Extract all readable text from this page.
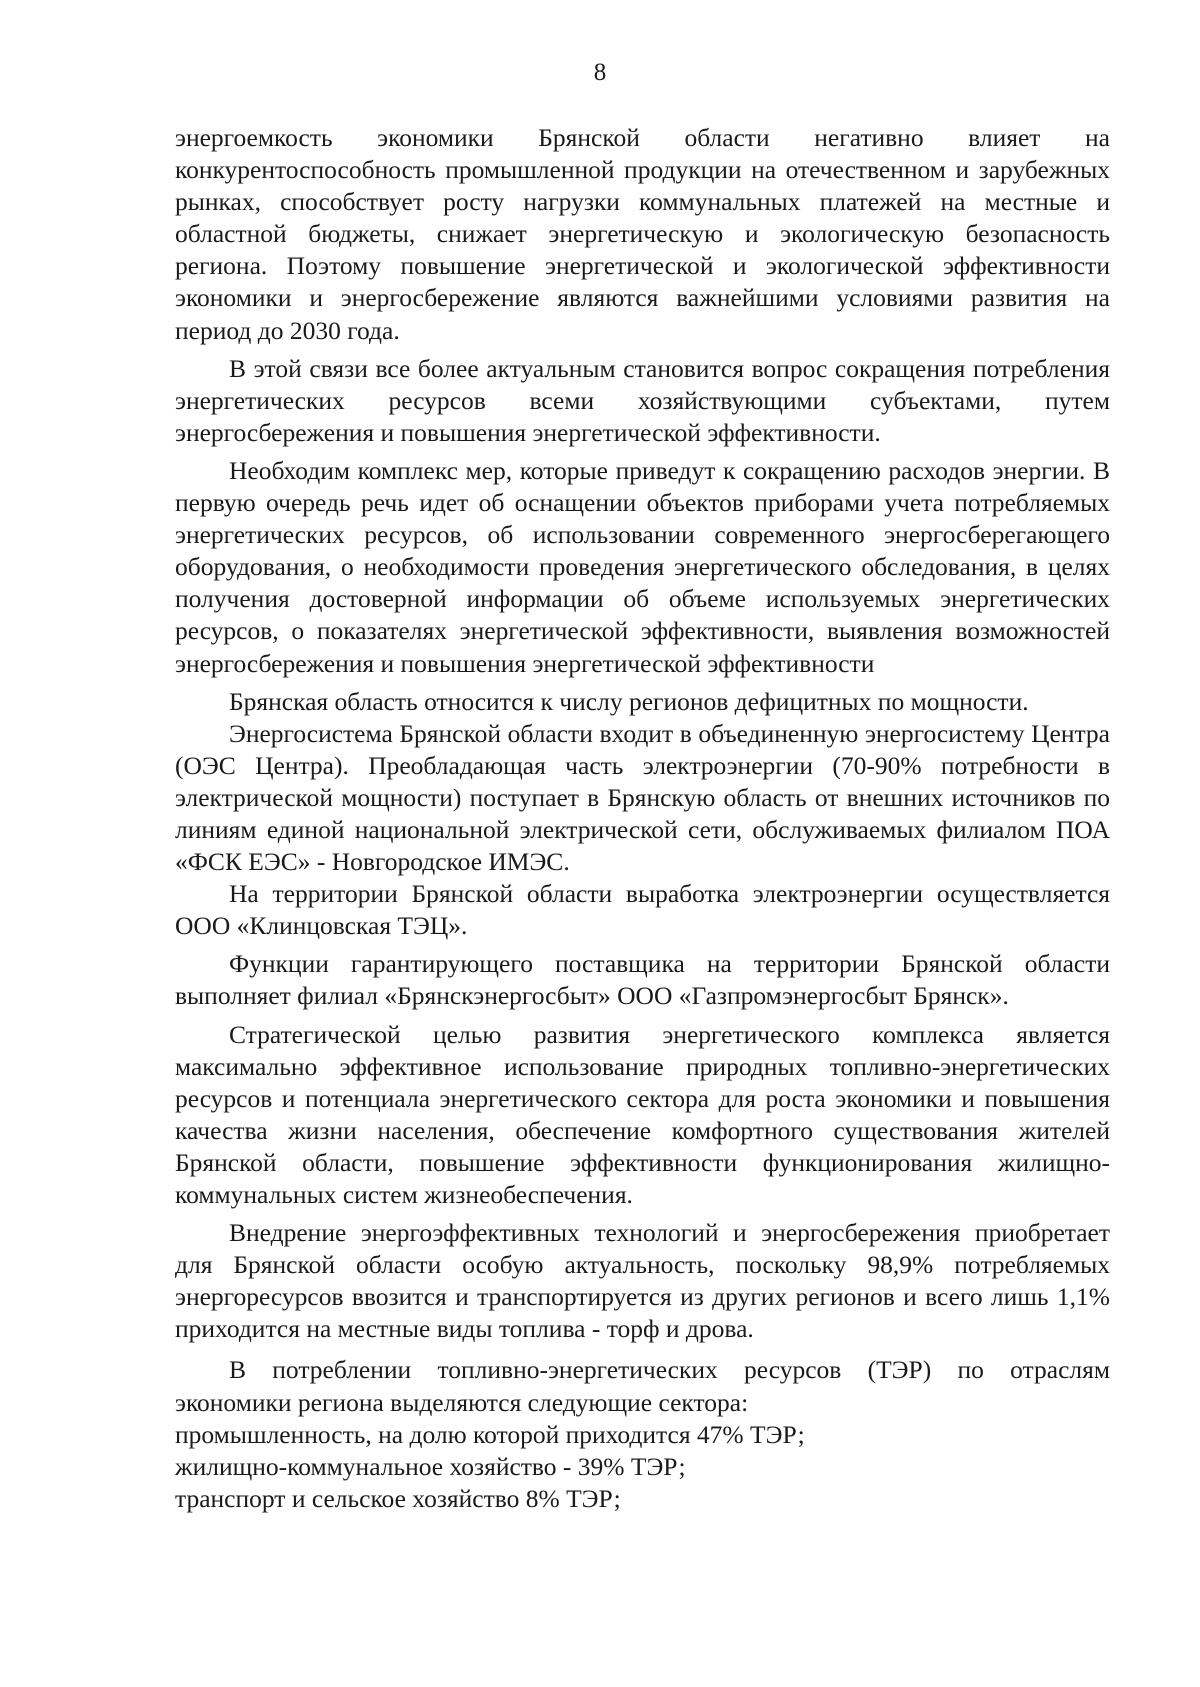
8

энергоемкость экономики Брянской области негативно влияет на конкурентоспособность промышленной продукции на отечественном и зарубежных рынках, способствует росту нагрузки коммунальных платежей на местные и областной бюджеты, снижает энергетическую и экологическую безопасность региона. Поэтому повышение энергетической и экологической эффективности экономики и энергосбережение являются важнейшими условиями развития на период до 2030 года.

В этой связи все более актуальным становится вопрос сокращения потребления энергетических ресурсов всеми хозяйствующими субъектами, путем энергосбережения и повышения энергетической эффективности.

Необходим комплекс мер, которые приведут к сокращению расходов энергии. В первую очередь речь идет об оснащении объектов приборами учета потребляемых энергетических ресурсов, об использовании современного энергосберегающего оборудования, о необходимости проведения энергетического обследования, в целях получения достоверной информации об объеме используемых энергетических ресурсов, о показателях энергетической эффективности, выявления возможностей энергосбережения и повышения энергетической эффективности

Брянская область относится к числу регионов дефицитных по мощности.

Энергосистема Брянской области входит в объединенную энергосистему Центра (ОЭС Центра). Преобладающая часть электроэнергии (70-90% потребности в электрической мощности) поступает в Брянскую область от внешних источников по линиям единой национальной электрической сети, обслуживаемых филиалом ПОА «ФСК ЕЭС» - Новгородское ИМЭС.

На территории Брянской области выработка электроэнергии осуществляется ООО «Клинцовская ТЭЦ».

Функции гарантирующего поставщика на территории Брянской области выполняет филиал «Брянскэнергосбыт» ООО «Газпромэнергосбыт Брянск».

Стратегической целью развития энергетического комплекса является максимально эффективное использование природных топливно-энергетических ресурсов и потенциала энергетического сектора для роста экономики и повышения качества жизни населения, обеспечение комфортного существования жителей Брянской области, повышение эффективности функционирования жилищно-коммунальных систем жизнеобеспечения.

Внедрение энергоэффективных технологий и энергосбережения приобретает для Брянской области особую актуальность, поскольку 98,9% потребляемых энергоресурсов ввозится и транспортируется из других регионов и всего лишь 1,1% приходится на местные виды топлива - торф и дрова.

В потреблении топливно-энергетических ресурсов (ТЭР) по отраслям экономики региона выделяются следующие сектора:

промышленность, на долю которой приходится 47% ТЭР;

жилищно-коммунальное хозяйство - 39% ТЭР;

транспорт и сельское хозяйство 8% ТЭР;
